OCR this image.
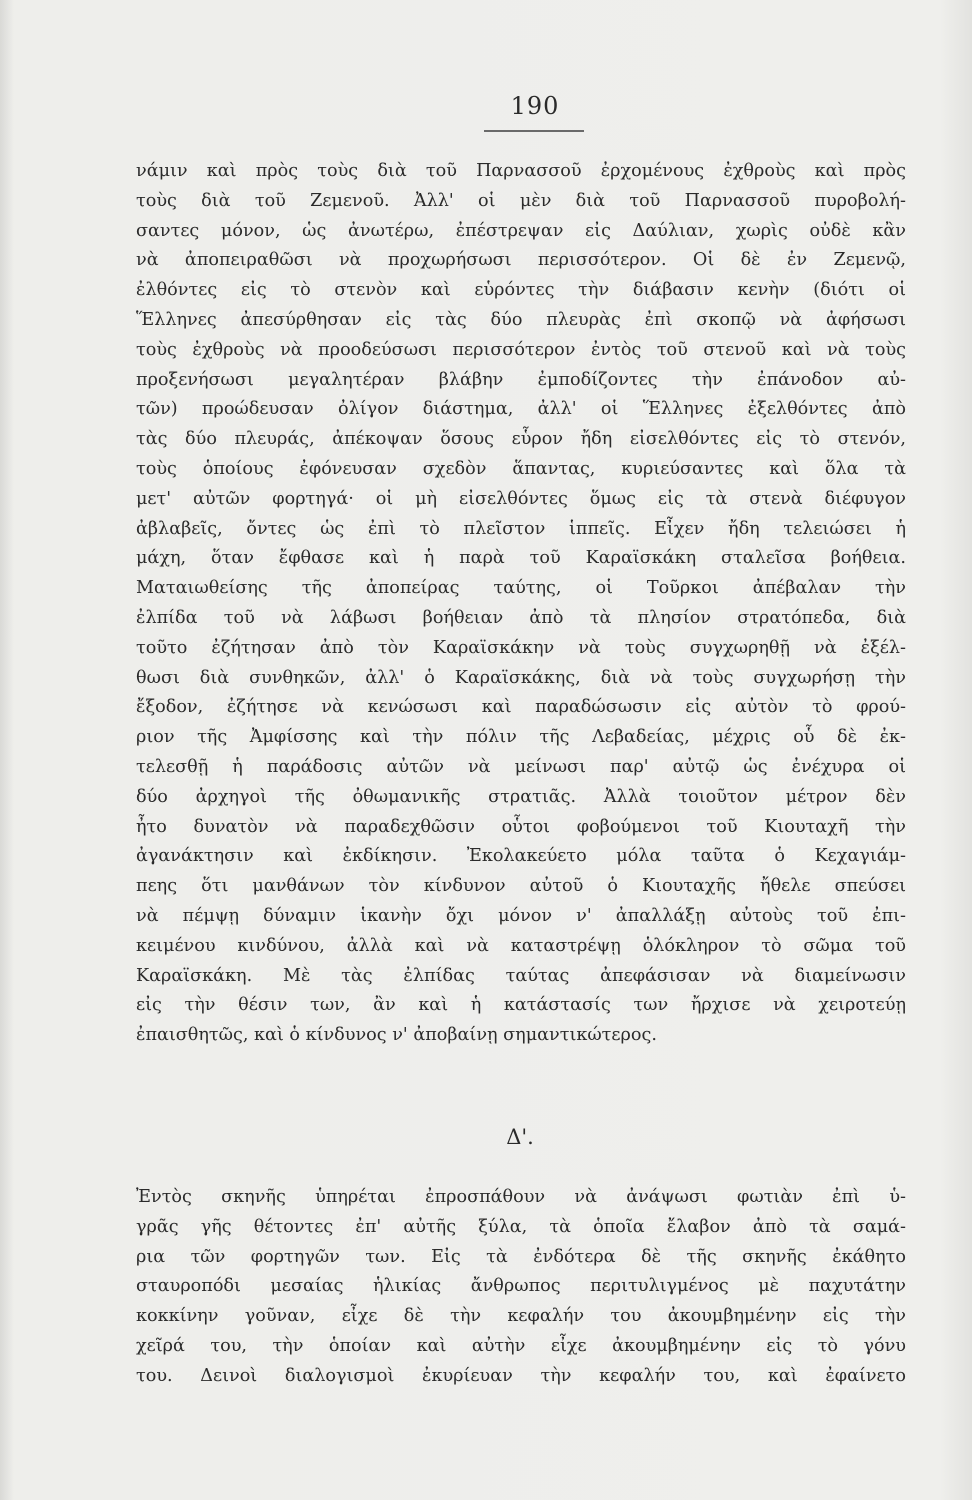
190
νάμιν καὶ πρὸς τοὺς διὰ τοῦ Παρνασσοῦ ἐρχομένους ἐχθροὺς καὶ πρὸς
τοὺς διὰ τοῦ Ζεμενοῦ. Ἀλλ' οἱ μὲν διὰ τοῦ Παρνασσοῦ πυροβολή-
σαντες μόνον, ὡς ἀνωτέρω, ἐπέστρεψαν εἰς Δαύλιαν, χωρὶς οὐδὲ κἂν
νὰ ἀποπειραθῶσι νὰ προχωρήσωσι περισσότερον. Οἱ δὲ ἐν Ζεμενῷ,
ἐλθόντες εἰς τὸ στενὸν καὶ εὑρόντες τὴν διάβασιν κενὴν (διότι οἱ
Ἕλληνες ἀπεσύρθησαν εἰς τὰς δύο πλευρὰς ἐπὶ σκοπῷ νὰ ἀφήσωσι
τοὺς ἐχθροὺς νὰ προοδεύσωσι περισσότερον ἐντὸς τοῦ στενοῦ καὶ νὰ τοὺς
προξενήσωσι μεγαλητέραν βλάβην ἐμποδίζοντες τὴν ἐπάνοδον αὐ-
τῶν) προώδευσαν ὀλίγον διάστημα, ἀλλ' οἱ Ἕλληνες ἐξελθόντες ἀπὸ
τὰς δύο πλευράς, ἀπέκοψαν ὅσους εὗρον ἤδη εἰσελθόντες εἰς τὸ στενόν,
τοὺς ὁποίους ἐφόνευσαν σχεδὸν ἅπαντας, κυριεύσαντες καὶ ὅλα τὰ
μετ' αὐτῶν φορτηγά· οἱ μὴ εἰσελθόντες ὅμως εἰς τὰ στενὰ διέφυγον
ἀβλαβεῖς, ὄντες ὡς ἐπὶ τὸ πλεῖστον ἱππεῖς. Εἶχεν ἤδη τελειώσει ἡ
μάχη, ὅταν ἔφθασε καὶ ἡ παρὰ τοῦ Καραϊσκάκη σταλεῖσα βοήθεια.
Ματαιωθείσης τῆς ἀποπείρας ταύτης, οἱ Τοῦρκοι ἀπέβαλαν τὴν
ἐλπίδα τοῦ νὰ λάβωσι βοήθειαν ἀπὸ τὰ πλησίον στρατόπεδα, διὰ
τοῦτο ἐζήτησαν ἀπὸ τὸν Καραϊσκάκην νὰ τοὺς συγχωρηθῇ νὰ ἐξέλ-
θωσι διὰ συνθηκῶν, ἀλλ' ὁ Καραϊσκάκης, διὰ νὰ τοὺς συγχωρήσῃ τὴν
ἔξοδον, ἐζήτησε νὰ κενώσωσι καὶ παραδώσωσιν εἰς αὐτὸν τὸ φρού-
ριον τῆς Ἀμφίσσης καὶ τὴν πόλιν τῆς Λεβαδείας, μέχρις οὗ δὲ ἐκ-
τελεσθῇ ἡ παράδοσις αὐτῶν νὰ μείνωσι παρ' αὐτῷ ὡς ἐνέχυρα οἱ
δύο ἀρχηγοὶ τῆς ὀθωμανικῆς στρατιᾶς. Ἀλλὰ τοιοῦτον μέτρον δὲν
ἦτο δυνατὸν νὰ παραδεχθῶσιν οὗτοι φοβούμενοι τοῦ Κιουταχῆ τὴν
ἀγανάκτησιν καὶ ἐκδίκησιν. Ἐκολακεύετο μόλα ταῦτα ὁ Κεχαγιάμ-
πεης ὅτι μανθάνων τὸν κίνδυνον αὐτοῦ ὁ Κιουταχῆς ἤθελε σπεύσει
νὰ πέμψῃ δύναμιν ἱκανὴν ὄχι μόνον ν' ἀπαλλάξῃ αὐτοὺς τοῦ ἐπι-
κειμένου κινδύνου, ἀλλὰ καὶ νὰ καταστρέψῃ ὁλόκληρον τὸ σῶμα τοῦ
Καραϊσκάκη. Μὲ τὰς ἐλπίδας ταύτας ἀπεφάσισαν νὰ διαμείνωσιν
εἰς τὴν θέσιν των, ἂν καὶ ἡ κατάστασίς των ἤρχισε νὰ χειροτεύῃ
ἐπαισθητῶς, καὶ ὁ κίνδυνος ν' ἀποβαίνῃ σημαντικώτερος.
Δ'.
Ἐντὸς σκηνῆς ὑπηρέται ἐπροσπάθουν νὰ ἀνάψωσι φωτιὰν ἐπὶ ὑ-
γρᾶς γῆς θέτοντες ἐπ' αὐτῆς ξύλα, τὰ ὁποῖα ἔλαβον ἀπὸ τὰ σαμά-
ρια τῶν φορτηγῶν των. Εἰς τὰ ἐνδότερα δὲ τῆς σκηνῆς ἐκάθητο
σταυροπόδι μεσαίας ἡλικίας ἄνθρωπος περιτυλιγμένος μὲ παχυτάτην
κοκκίνην γοῦναν, εἶχε δὲ τὴν κεφαλήν του ἀκουμβημένην εἰς τὴν
χεῖρά του, τὴν ὁποίαν καὶ αὐτὴν εἶχε ἀκουμβημένην εἰς τὸ γόνυ
του. Δεινοὶ διαλογισμοὶ ἐκυρίευαν τὴν κεφαλήν του, καὶ ἐφαίνετο
